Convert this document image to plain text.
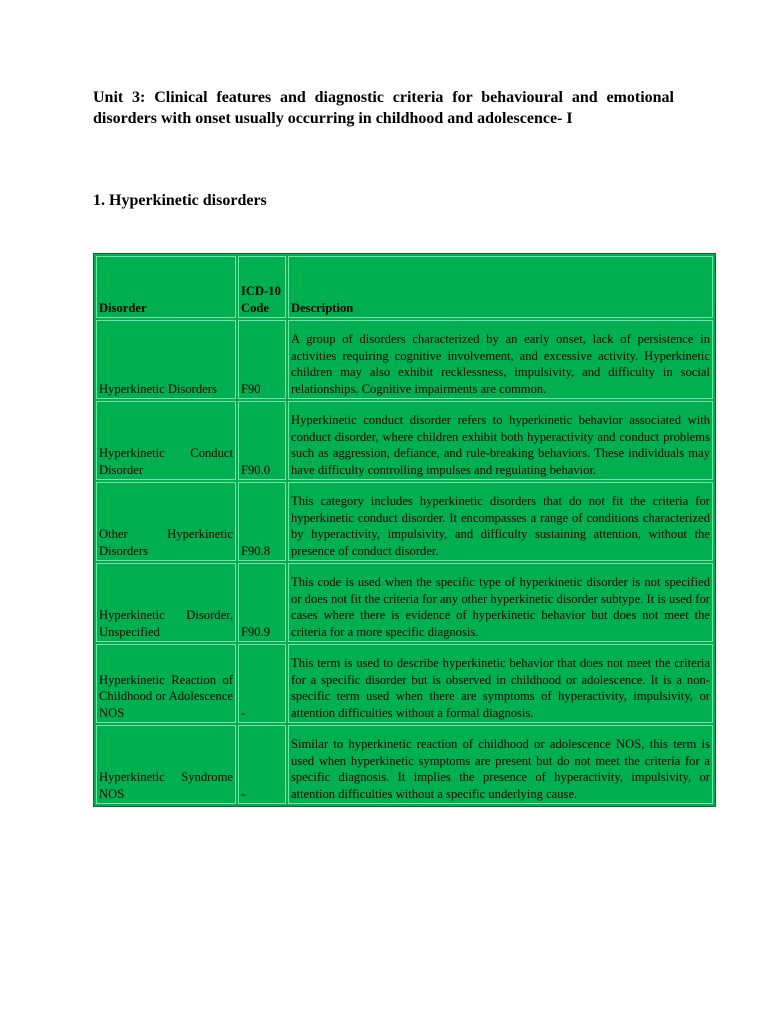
Unit 3: Clinical features and diagnostic criteria for behavioural and emotional disorders with onset usually occurring in childhood and adolescence- I
1. Hyperkinetic disorders
Disorder	ICD-10 Code	Description
Hyperkinetic Disorders	F90	A group of disorders characterized by an early onset, lack of persistence in activities requiring cognitive involvement, and excessive activity. Hyperkinetic children may also exhibit recklessness, impulsivity, and difficulty in social relationships. Cognitive impairments are common.
Hyperkinetic Conduct Disorder	F90.0	Hyperkinetic conduct disorder refers to hyperkinetic behavior associated with conduct disorder, where children exhibit both hyperactivity and conduct problems such as aggression, defiance, and rule-breaking behaviors. These individuals may have difficulty controlling impulses and regulating behavior.
Other Hyperkinetic Disorders	F90.8	This category includes hyperkinetic disorders that do not fit the criteria for hyperkinetic conduct disorder. It encompasses a range of conditions characterized by hyperactivity, impulsivity, and difficulty sustaining attention, without the presence of conduct disorder.
Hyperkinetic Disorder, Unspecified	F90.9	This code is used when the specific type of hyperkinetic disorder is not specified or does not fit the criteria for any other hyperkinetic disorder subtype. It is used for cases where there is evidence of hyperkinetic behavior but does not meet the criteria for a more specific diagnosis.
Hyperkinetic Reaction of Childhood or Adolescence NOS	-	This term is used to describe hyperkinetic behavior that does not meet the criteria for a specific disorder but is observed in childhood or adolescence. It is a non-specific term used when there are symptoms of hyperactivity, impulsivity, or attention difficulties without a formal diagnosis.
Hyperkinetic Syndrome NOS	-	Similar to hyperkinetic reaction of childhood or adolescence NOS, this term is used when hyperkinetic symptoms are present but do not meet the criteria for a specific diagnosis. It implies the presence of hyperactivity, impulsivity, or attention difficulties without a specific underlying cause.
